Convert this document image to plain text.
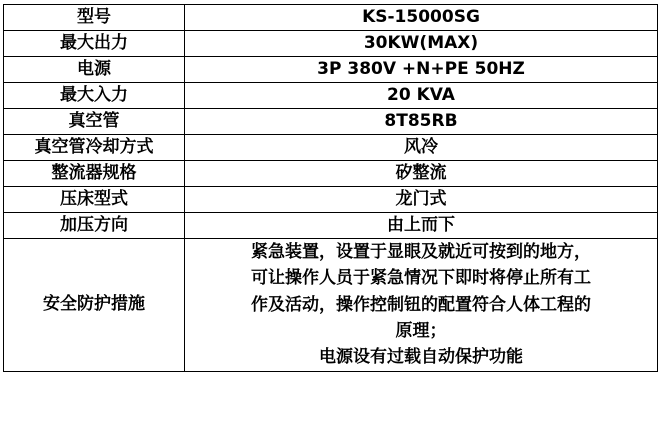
型号	KS-15000SG
最大出力	30KW(MAX)
电源	3P 380V +N+PE 50HZ
最大入力	20 KVA
真空管	8T85RB
真空管冷却方式	风冷
整流器规格	矽整流
压床型式	龙门式
加压方向	由上而下
安全防护措施	紧急装置，设置于显眼及就近可按到的地方，
可让操作人员于紧急情况下即时将停止所有工
作及活动，操作控制钮的配置符合人体工程的
原理；
电源设有过载自动保护功能
